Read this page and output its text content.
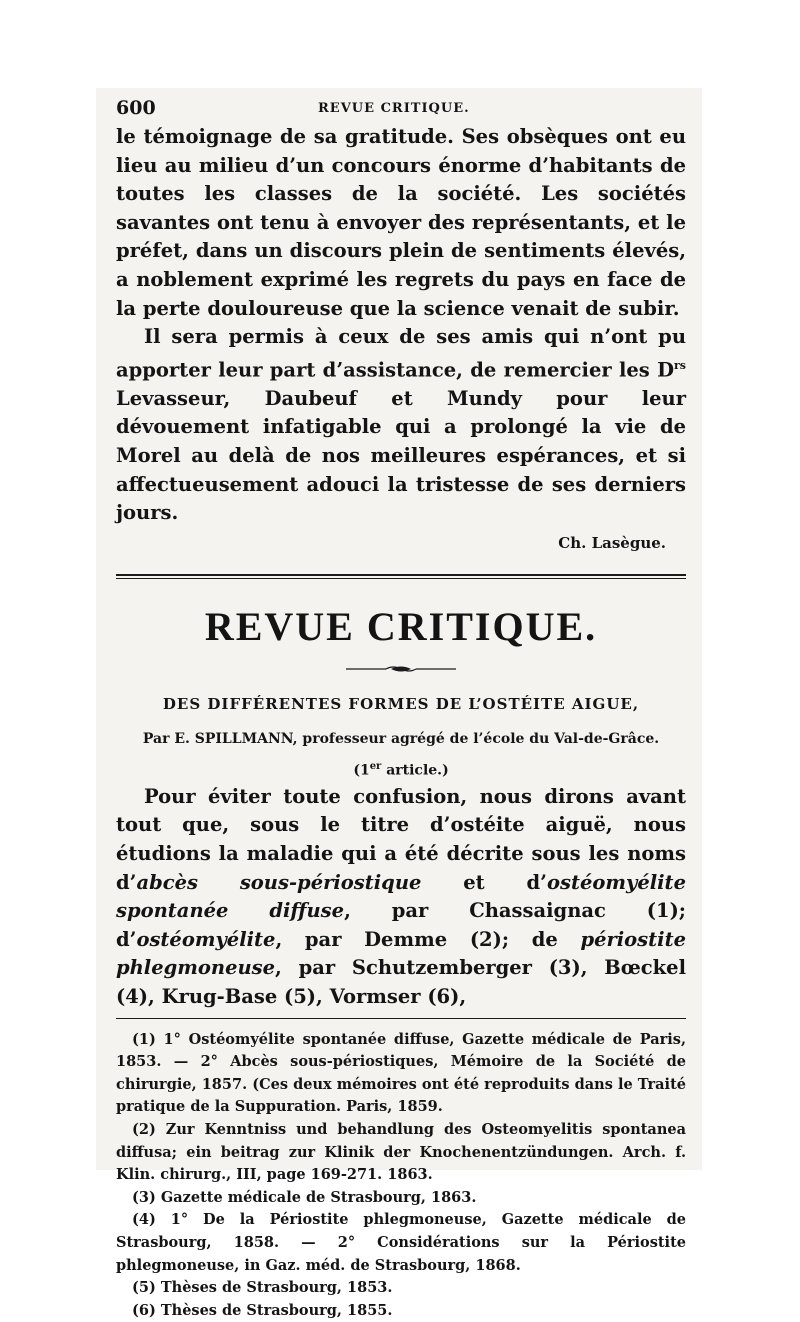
600	REVUE CRITIQUE.

le témoignage de sa gratitude. Ses obsèques ont eu lieu au milieu d’un concours énorme d’habitants de toutes les classes de la société. Les sociétés savantes ont tenu à envoyer des représentants, et le préfet, dans un discours plein de sentiments élevés, a noblement exprimé les regrets du pays en face de la perte douloureuse que la science venait de subir.

Il sera permis à ceux de ses amis qui n’ont pu apporter leur part d’assistance, de remercier les $D^{rs}$ Levasseur, Daubeuf et Mundy pour leur dévouement infatigable qui a prolongé la vie de Morel au delà de nos meilleures espérances, et si affectueusement adouci la tristesse de ses derniers jours.

Ch. Lasègue.
REVUE CRITIQUE.
DES DIFFÉRENTES FORMES DE L’OSTÉITE AIGUE,
Par E. SPILLMANN, professeur agrégé de l’école du Val-de-Grâce.
(1er article.)

Pour éviter toute confusion, nous dirons avant tout que, sous le titre d’ostéite aiguë, nous étudions la maladie qui a été décrite sous les noms d’abcès sous-périostique et d’ostéomyélite spontanée diffuse, par Chassaignac (1); d’ostéomyélite, par Demme (2); de périostite phlegmoneuse, par Schutzemberger (3), Bœckel (4), Krug-Base (5), Vormser (6),

(1) 1° Ostéomyélite spontanée diffuse, Gazette médicale de Paris, 1853. — 2° Abcès sous-périostiques, Mémoire de la Société de chirurgie, 1857. (Ces deux mémoires ont été reproduits dans le Traité pratique de la Suppuration. Paris, 1859.

(2) Zur Kenntniss und behandlung des Osteomyelitis spontanea diffusa; ein beitrag zur Klinik der Knochenentzündungen. Arch. f. Klin. chirurg., III, page 169-271. 1863.

(3) Gazette médicale de Strasbourg, 1863.

(4) 1° De la Périostite phlegmoneuse, Gazette médicale de Strasbourg, 1858. — 2° Considérations sur la Périostite phlegmoneuse, in Gaz. méd. de Strasbourg, 1868.

(5) Thèses de Strasbourg, 1853.

(6) Thèses de Strasbourg, 1855.
